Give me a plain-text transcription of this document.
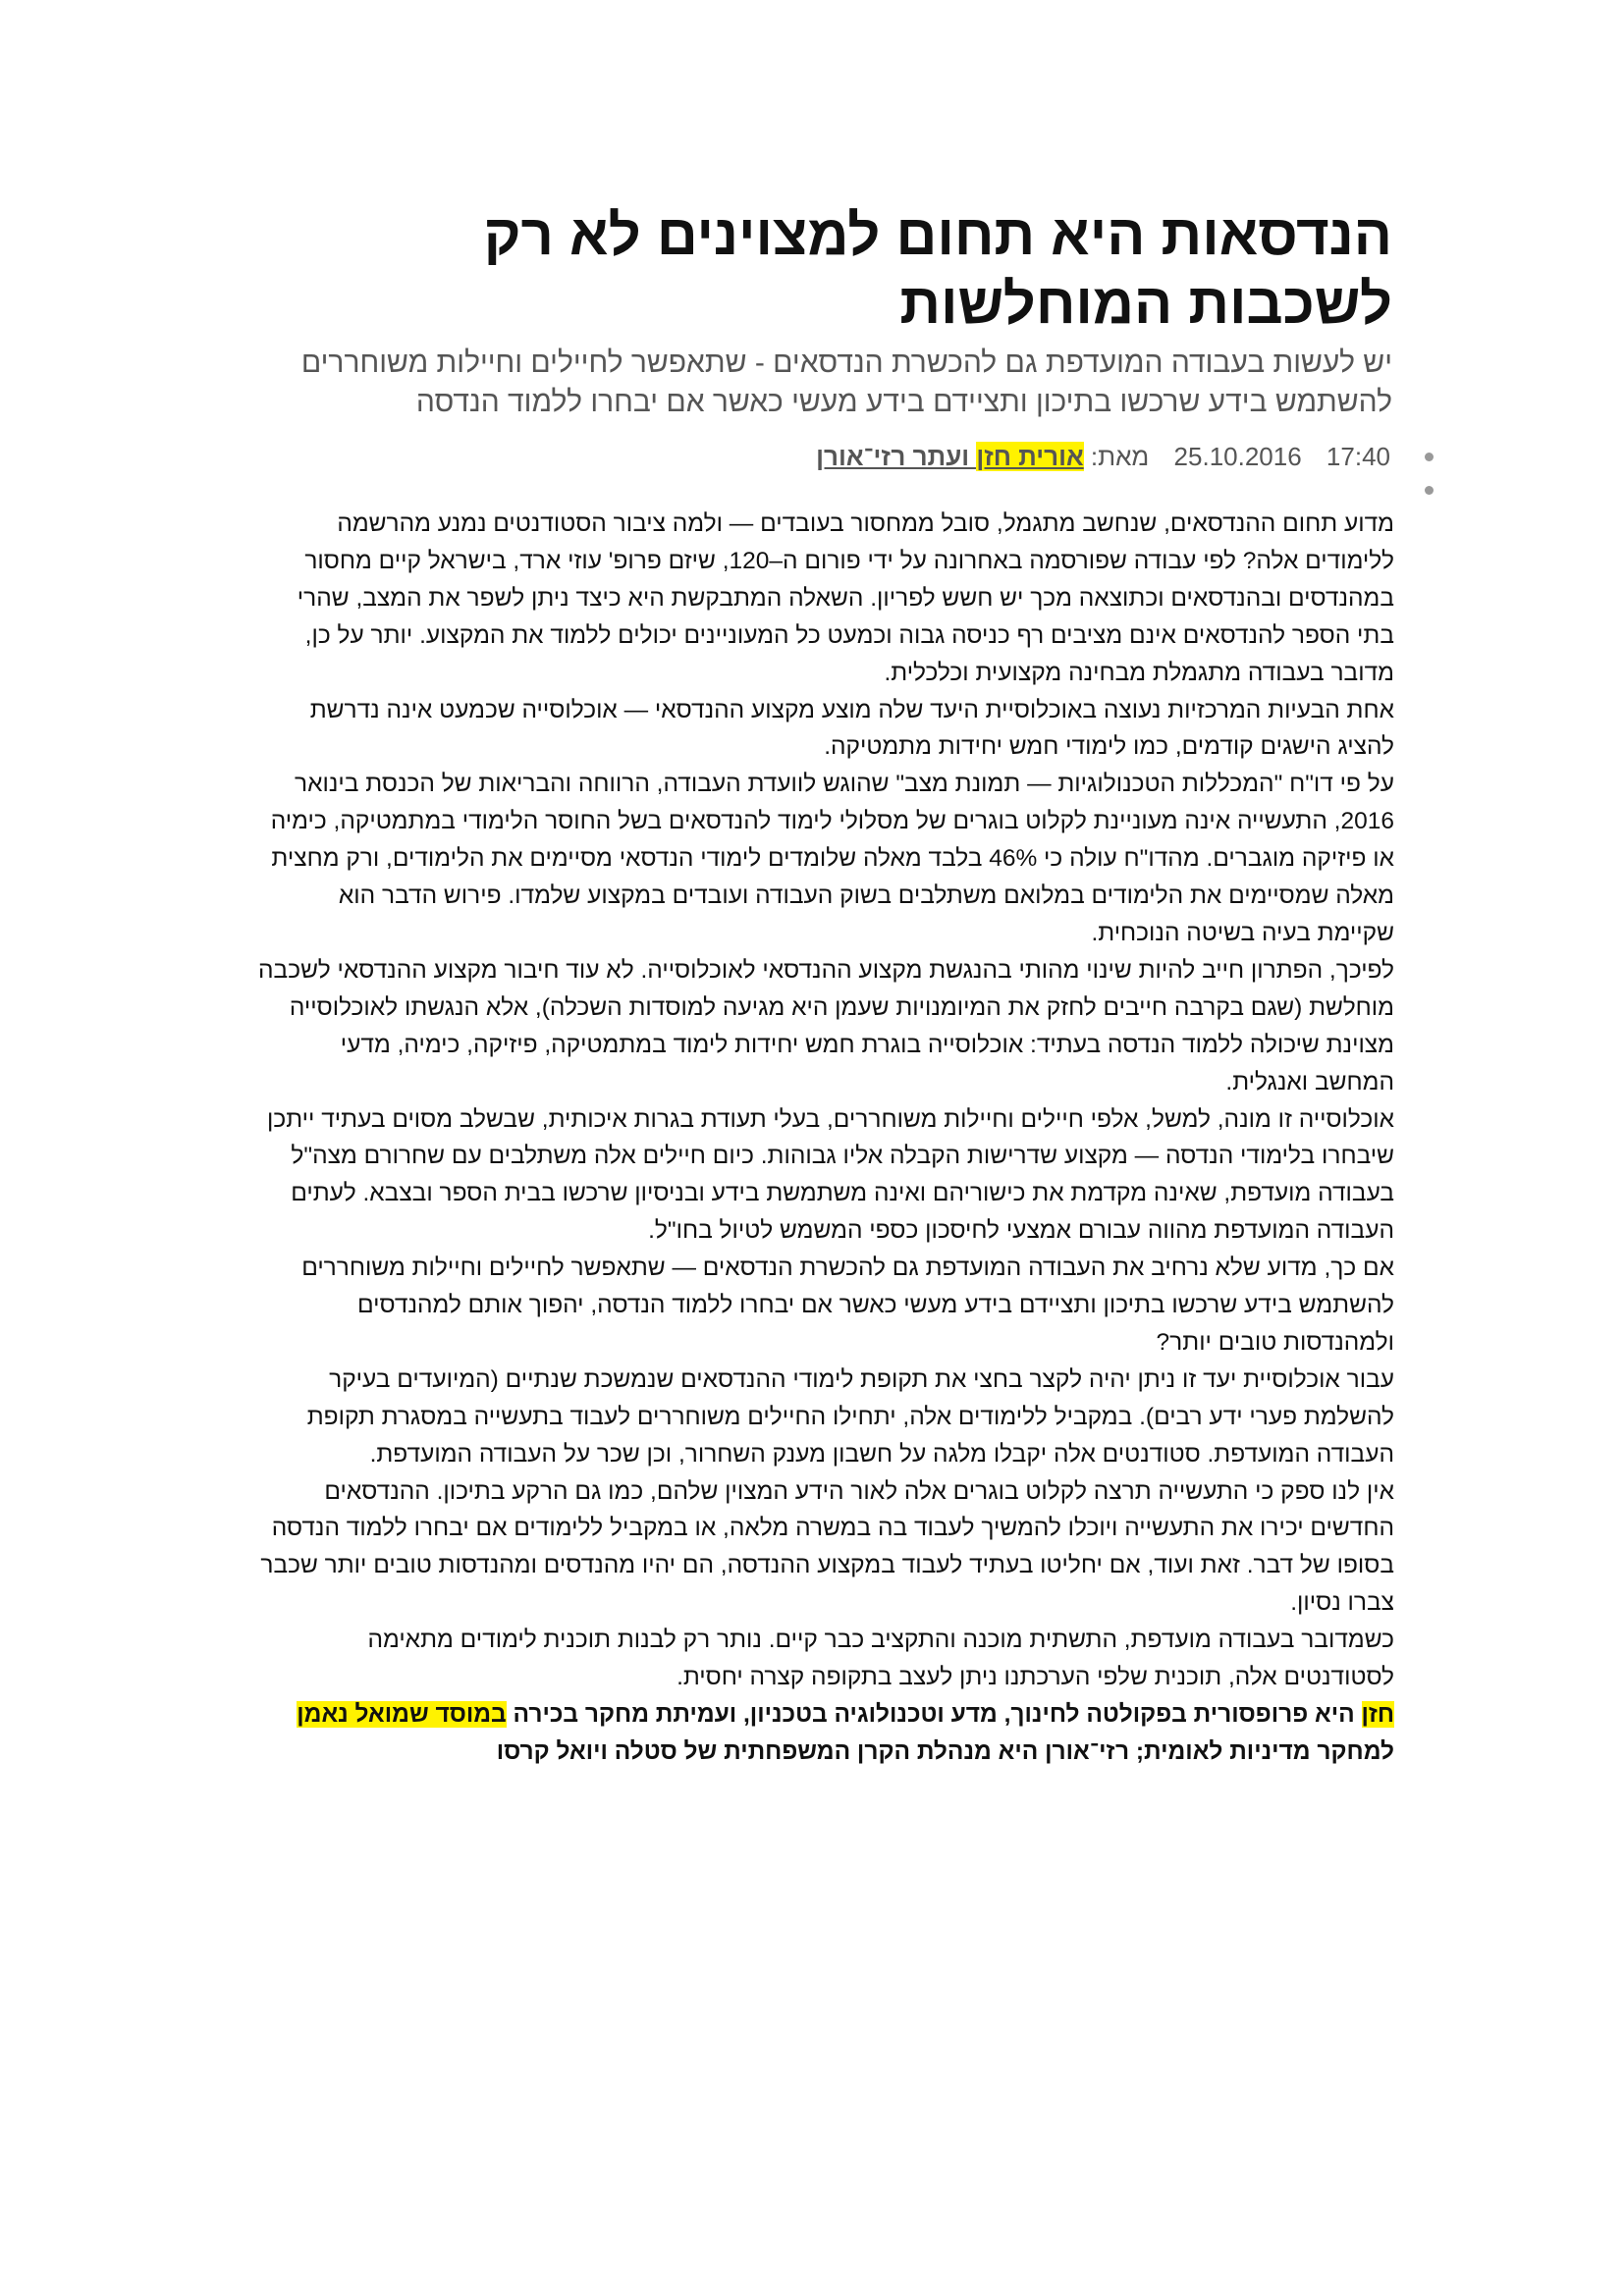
הנדסאות היא תחום למצוינים לא רק לשכבות המוחלשות

יש לעשות בעבודה המועדפת גם להכשרת הנדסאים - שתאפשר לחיילים וחיילות משוחררים להשתמש בידע שרכשו בתיכון ותציידם בידע מעשי כאשר אם יבחרו ללמוד הנדסה

17:40 25.10.2016 מאת: אורית חזן ועתר רזי־אורן

מדוע תחום ההנדסאים, שנחשב מתגמל, סובל ממחסור בעובדים — ולמה ציבור הסטודנטים נמנע מהרשמה ללימודים אלה? לפי עבודה שפורסמה באחרונה על ידי פורום ה–120, שיזם פרופ' עוזי ארד, בישראל קיים מחסור במהנדסים ובהנדסאים וכתוצאה מכך יש חשש לפריון. השאלה המתבקשת היא כיצד ניתן לשפר את המצב, שהרי בתי הספר להנדסאים אינם מציבים רף כניסה גבוה וכמעט כל המעוניינים יכולים ללמוד את המקצוע. יותר על כן, מדובר בעבודה מתגמלת מבחינה מקצועית וכלכלית.

אחת הבעיות המרכזיות נעוצה באוכלוסיית היעד שלה מוצע מקצוע ההנדסאי — אוכלוסייה שכמעט אינה נדרשת להציג הישגים קודמים, כמו לימודי חמש יחידות מתמטיקה.

על פי דו"ח "המכללות הטכנולוגיות — תמונת מצב" שהוגש לוועדת העבודה, הרווחה והבריאות של הכנסת בינואר 2016, התעשייה אינה מעוניינת לקלוט בוגרים של מסלולי לימוד להנדסאים בשל החוסר הלימודי במתמטיקה, כימיה או פיזיקה מוגברים. מהדו"ח עולה כי 46% בלבד מאלה שלומדים לימודי הנדסאי מסיימים את הלימודים, ורק מחצית מאלה שמסיימים את הלימודים במלואם משתלבים בשוק העבודה ועובדים במקצוע שלמדו. פירוש הדבר הוא שקיימת בעיה בשיטה הנוכחית.

לפיכך, הפתרון חייב להיות שינוי מהותי בהנגשת מקצוע ההנדסאי לאוכלוסייה. לא עוד חיבור מקצוע ההנדסאי לשכבה מוחלשת (שגם בקרבה חייבים לחזק את המיומנויות שעמן היא מגיעה למוסדות השכלה), אלא הנגשתו לאוכלוסייה מצוינת שיכולה ללמוד הנדסה בעתיד: אוכלוסייה בוגרת חמש יחידות לימוד במתמטיקה, פיזיקה, כימיה, מדעי המחשב ואנגלית.

אוכלוסייה זו מונה, למשל, אלפי חיילים וחיילות משוחררים, בעלי תעודת בגרות איכותית, שבשלב מסוים בעתיד ייתכן שיבחרו בלימודי הנדסה — מקצוע שדרישות הקבלה אליו גבוהות. כיום חיילים אלה משתלבים עם שחרורם מצה"ל בעבודה מועדפת, שאינה מקדמת את כישוריהם ואינה משתמשת בידע ובניסיון שרכשו בבית הספר ובצבא. לעתים העבודה המועדפת מהווה עבורם אמצעי לחיסכון כספי המשמש לטיול בחו"ל.

אם כך, מדוע שלא נרחיב את העבודה המועדפת גם להכשרת הנדסאים — שתאפשר לחיילים וחיילות משוחררים להשתמש בידע שרכשו בתיכון ותציידם בידע מעשי כאשר אם יבחרו ללמוד הנדסה, יהפוך אותם למהנדסים ולמהנדסות טובים יותר?

עבור אוכלוסיית יעד זו ניתן יהיה לקצר בחצי את תקופת לימודי ההנדסאים שנמשכת שנתיים (המיועדים בעיקר להשלמת פערי ידע רבים). במקביל ללימודים אלה, יתחילו החיילים משוחררים לעבוד בתעשייה במסגרת תקופת העבודה המועדפת. סטודנטים אלה יקבלו מלגה על חשבון מענק השחרור, וכן שכר על העבודה המועדפת.

אין לנו ספק כי התעשייה תרצה לקלוט בוגרים אלה לאור הידע המצוין שלהם, כמו גם הרקע בתיכון. ההנדסאים החדשים יכירו את התעשייה ויוכלו להמשיך לעבוד בה במשרה מלאה, או במקביל ללימודים אם יבחרו ללמוד הנדסה בסופו של דבר. זאת ועוד, אם יחליטו בעתיד לעבוד במקצוע ההנדסה, הם יהיו מהנדסים ומהנדסות טובים יותר שכבר צברו נסיון.

כשמדובר בעבודה מועדפת, התשתית מוכנה והתקציב כבר קיים. נותר רק לבנות תוכנית לימודים מתאימה לסטודנטים אלה, תוכנית שלפי הערכתנו ניתן לעצב בתקופה קצרה יחסית.

חזן היא פרופסורית בפקולטה לחינוך, מדע וטכנולוגיה בטכניון, ועמיתת מחקר בכירה במוסד שמואל נאמן למחקר מדיניות לאומית; רזי־אורן היא מנהלת הקרן המשפחתית של סטלה ויואל קרסו
